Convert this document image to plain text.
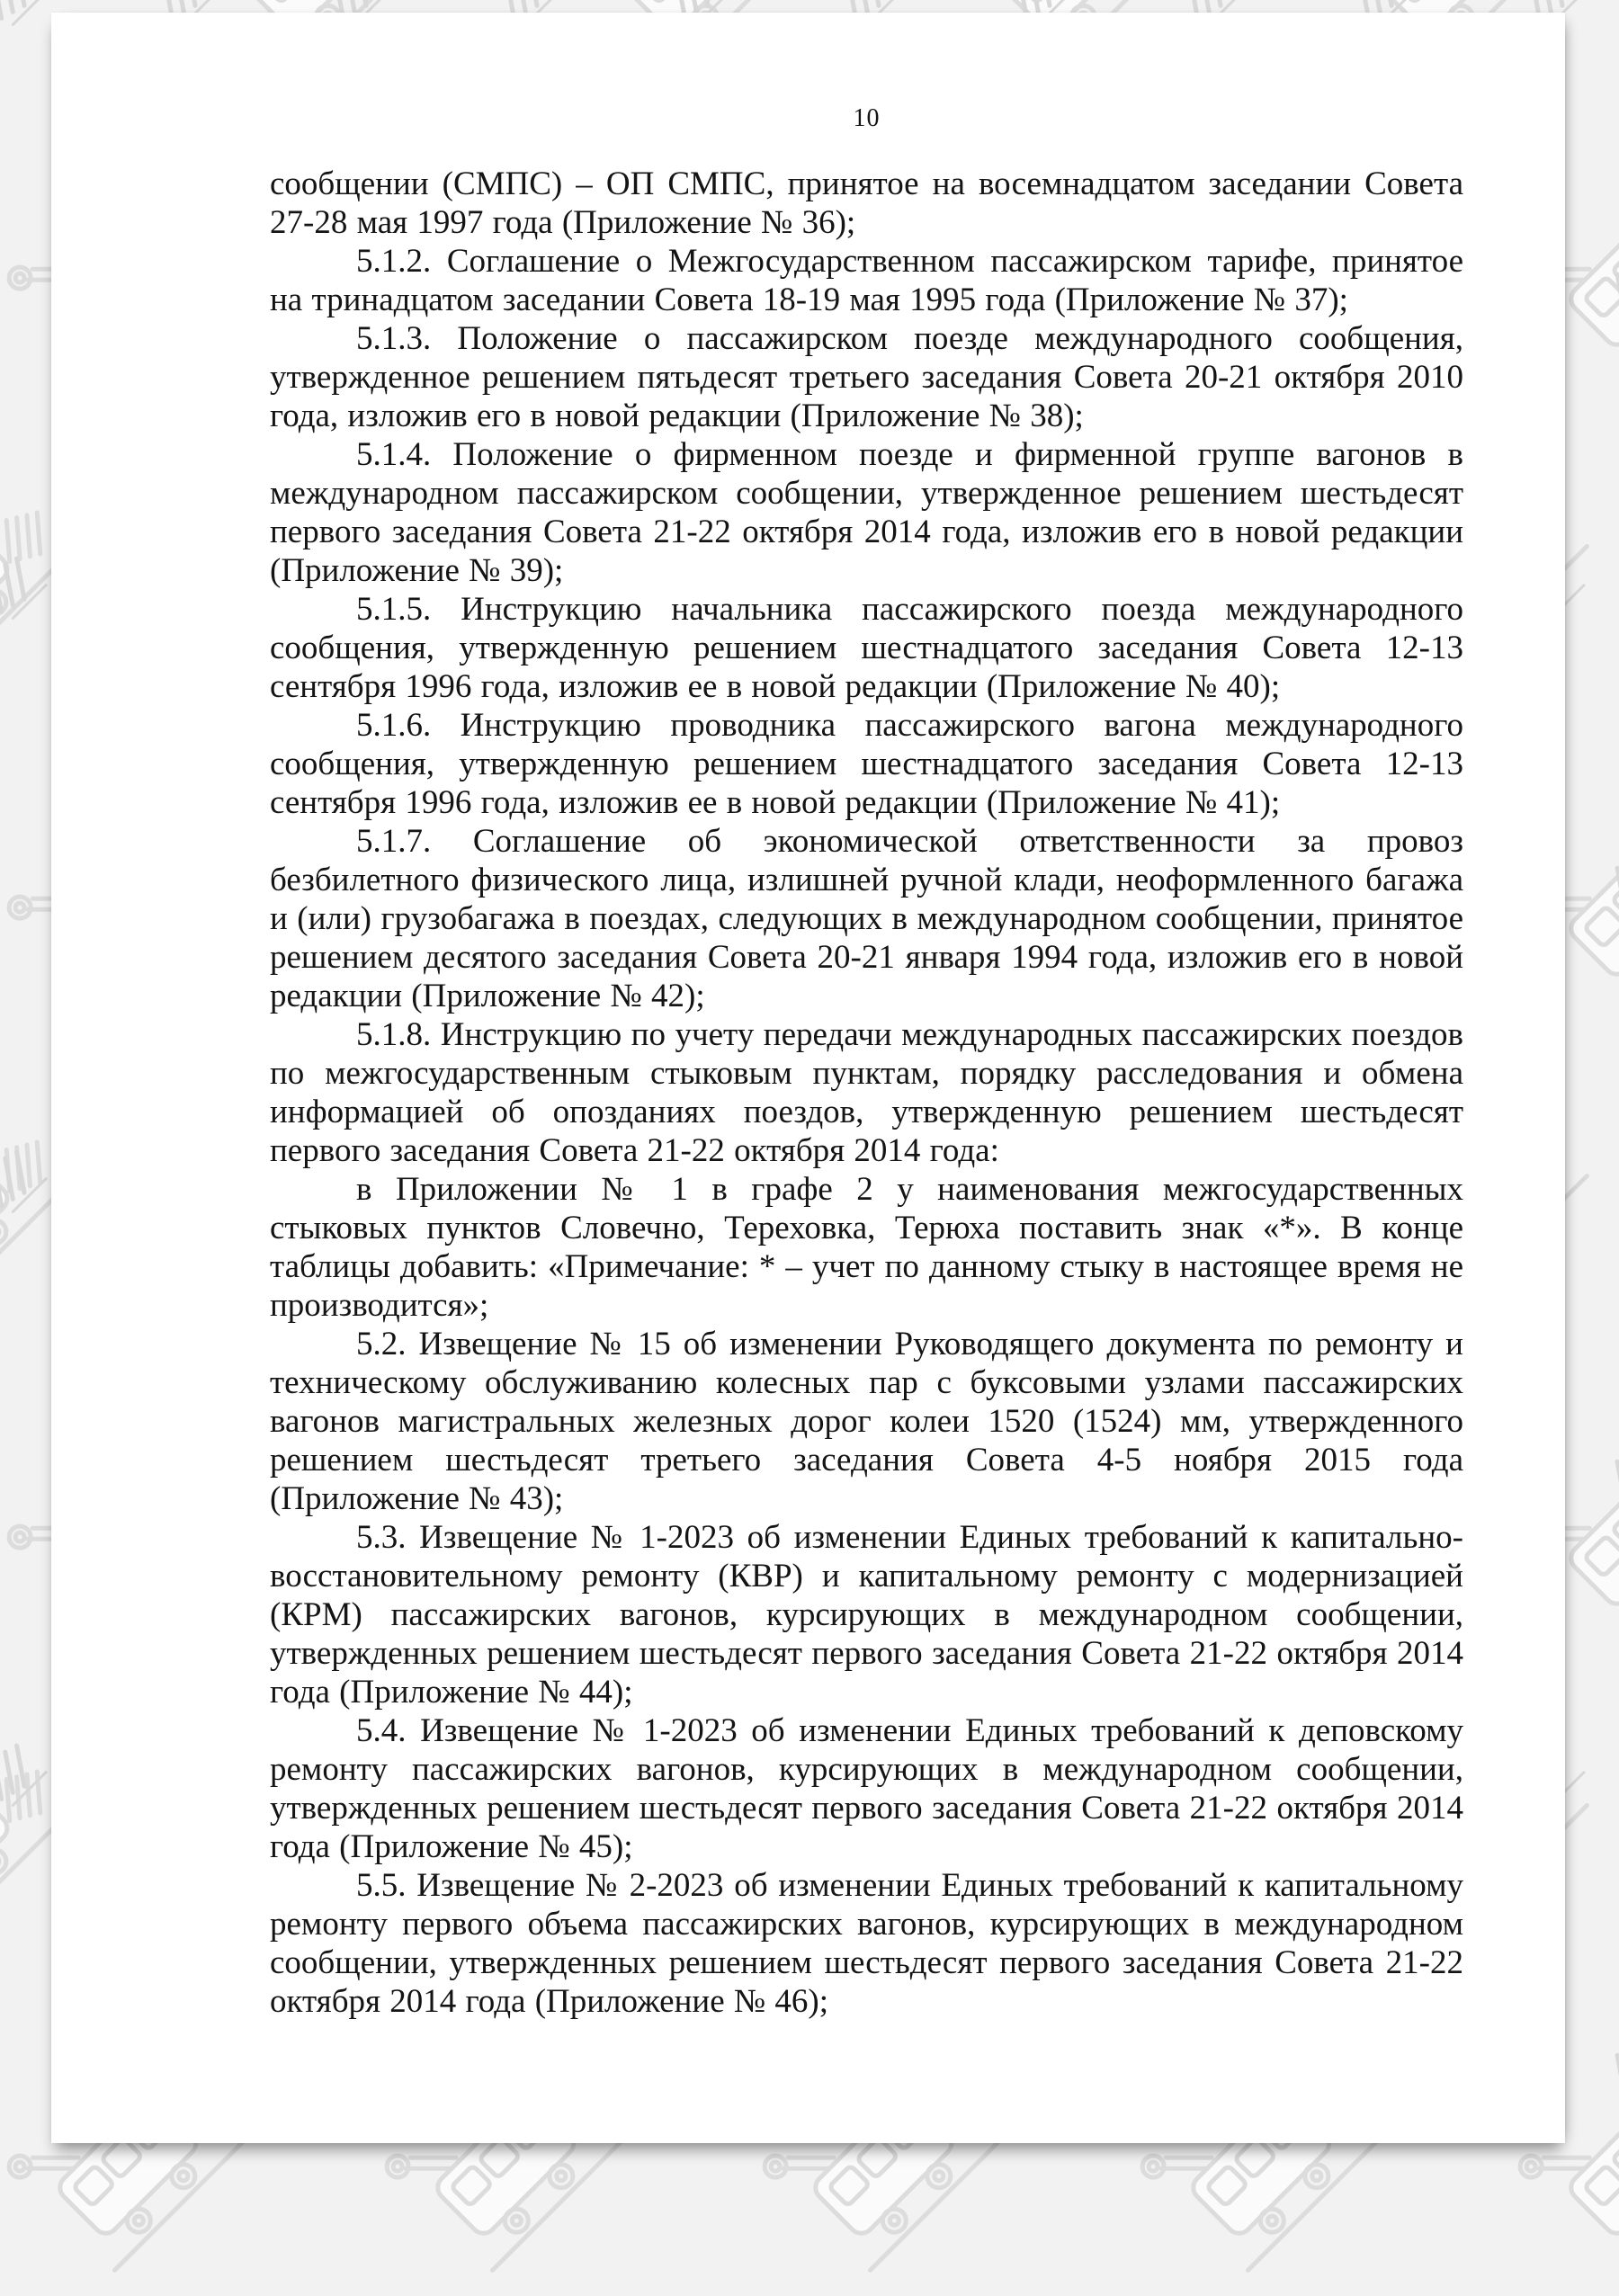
10
сообщении (СМПС) – ОП СМПС, принятое на восемнадцатом заседании Совета 27-28 мая 1997 года (Приложение № 36);
5.1.2. Соглашение о Межгосударственном пассажирском тарифе, принятое на тринадцатом заседании Совета 18-19 мая 1995 года (Приложение № 37);
5.1.3. Положение о пассажирском поезде международного сообщения, утвержденное решением пятьдесят третьего заседания Совета 20-21 октября 2010 года, изложив его в новой редакции (Приложение № 38);
5.1.4. Положение о фирменном поезде и фирменной группе вагонов в международном пассажирском сообщении, утвержденное решением шестьдесят первого заседания Совета 21-22 октября 2014 года, изложив его в новой редакции (Приложение № 39);
5.1.5. Инструкцию начальника пассажирского поезда международного сообщения, утвержденную решением шестнадцатого заседания Совета 12-13 сентября 1996 года, изложив ее в новой редакции (Приложение № 40);
5.1.6. Инструкцию проводника пассажирского вагона международного сообщения, утвержденную решением шестнадцатого заседания Совета 12-13 сентября 1996 года, изложив ее в новой редакции (Приложение № 41);
5.1.7. Соглашение об экономической ответственности за провоз безбилетного физического лица, излишней ручной клади, неоформленного багажа и (или) грузобагажа в поездах, следующих в международном сообщении, принятое решением десятого заседания Совета 20-21 января 1994 года, изложив его в новой редакции (Приложение № 42);
5.1.8. Инструкцию по учету передачи международных пассажирских поездов по межгосударственным стыковым пунктам, порядку расследования и обмена информацией об опозданиях поездов, утвержденную решением шестьдесят первого заседания Совета 21-22 октября 2014 года:
в Приложении № 1 в графе 2 у наименования межгосударственных стыковых пунктов Словечно, Тереховка, Терюха поставить знак «*». В конце таблицы добавить: «Примечание: * – учет по данному стыку в настоящее время не производится»;
5.2. Извещение № 15 об изменении Руководящего документа по ремонту и техническому обслуживанию колесных пар с буксовыми узлами пассажирских вагонов магистральных железных дорог колеи 1520 (1524) мм, утвержденного решением шестьдесят третьего заседания Совета 4-5 ноября 2015 года (Приложение № 43);
5.3. Извещение № 1-2023 об изменении Единых требований к капитально-восстановительному ремонту (КВР) и капитальному ремонту с модернизацией (КРМ) пассажирских вагонов, курсирующих в международном сообщении, утвержденных решением шестьдесят первого заседания Совета 21-22 октября 2014 года (Приложение № 44);
5.4. Извещение № 1-2023 об изменении Единых требований к деповскому ремонту пассажирских вагонов, курсирующих в международном сообщении, утвержденных решением шестьдесят первого заседания Совета 21-22 октября 2014 года (Приложение № 45);
5.5. Извещение № 2-2023 об изменении Единых требований к капитальному ремонту первого объема пассажирских вагонов, курсирующих в международном сообщении, утвержденных решением шестьдесят первого заседания Совета 21-22 октября 2014 года (Приложение № 46);
